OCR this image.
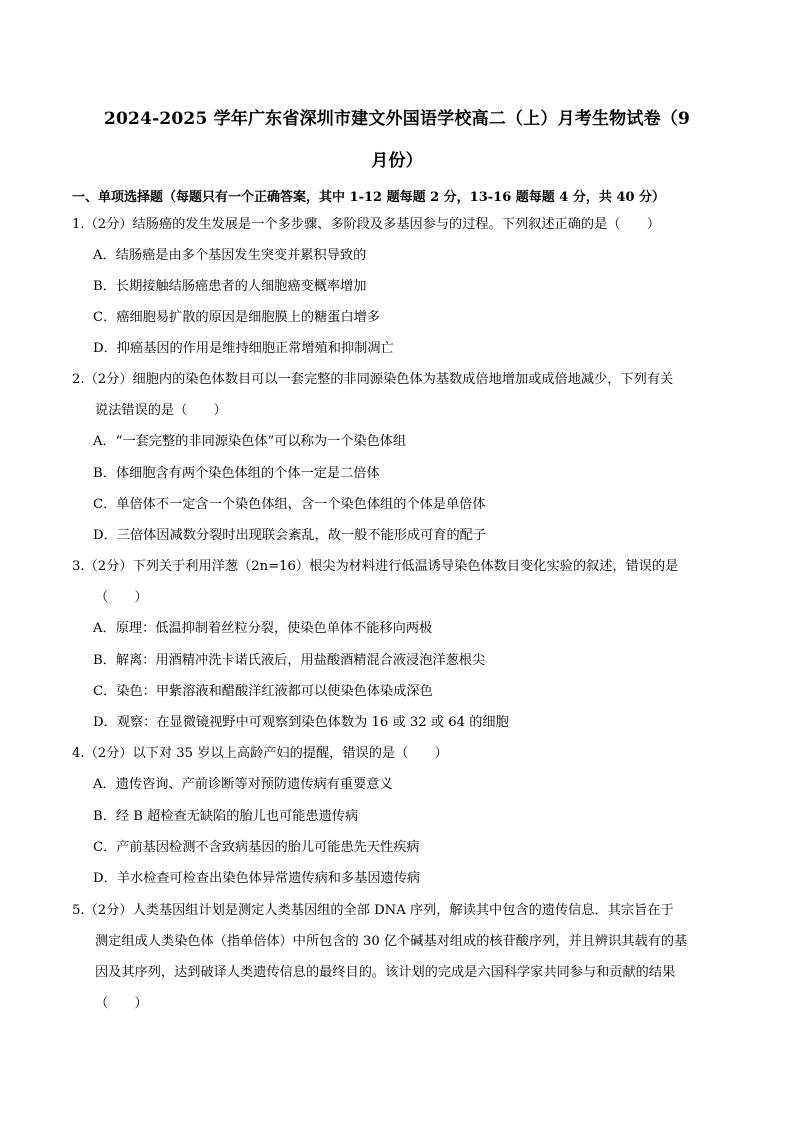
2024-2025 学年广东省深圳市建文外国语学校高二（上）月考生物试卷（9
月份）
一、单项选择题（每题只有一个正确答案，其中 1-12 题每题 2 分，13-16 题每题 4 分，共 40 分）
1.（2分）结肠癌的发生发展是一个多步骤、多阶段及多基因参与的过程。下列叙述正确的是（　　）
A．结肠癌是由多个基因发生突变并累积导致的
B．长期接触结肠癌患者的人细胞癌变概率增加
C．癌细胞易扩散的原因是细胞膜上的糖蛋白增多
D．抑癌基因的作用是维持细胞正常增殖和抑制凋亡
2.（2分）细胞内的染色体数目可以一套完整的非同源染色体为基数成倍地增加或成倍地减少，下列有关
说法错误的是（　　）
A．“一套完整的非同源染色体”可以称为一个染色体组
B．体细胞含有两个染色体组的个体一定是二倍体
C．单倍体不一定含一个染色体组，含一个染色体组的个体是单倍体
D．三倍体因减数分裂时出现联会紊乱，故一般不能形成可育的配子
3.（2分）下列关于利用洋葱（2n=16）根尖为材料进行低温诱导染色体数目变化实验的叙述，错误的是
（　　）
A．原理：低温抑制着丝粒分裂，使染色单体不能移向两极
B．解离：用酒精冲洗卡诺氏液后，用盐酸酒精混合液浸泡洋葱根尖
C．染色：甲紫溶液和醋酸洋红液都可以使染色体染成深色
D．观察：在显微镜视野中可观察到染色体数为 16 或 32 或 64 的细胞
4.（2分）以下对 35 岁以上高龄产妇的提醒，错误的是（　　）
A．遗传咨询、产前诊断等对预防遗传病有重要意义
B．经 B 超检查无缺陷的胎儿也可能患遗传病
C．产前基因检测不含致病基因的胎儿可能患先天性疾病
D．羊水检查可检查出染色体异常遗传病和多基因遗传病
5.（2分）人类基因组计划是测定人类基因组的全部 DNA 序列，解读其中包含的遗传信息．其宗旨在于
测定组成人类染色体（指单倍体）中所包含的 30 亿个碱基对组成的核苷酸序列，并且辨识其载有的基
因及其序列，达到破译人类遗传信息的最终目的。该计划的完成是六国科学家共同参与和贡献的结果
（　　）
